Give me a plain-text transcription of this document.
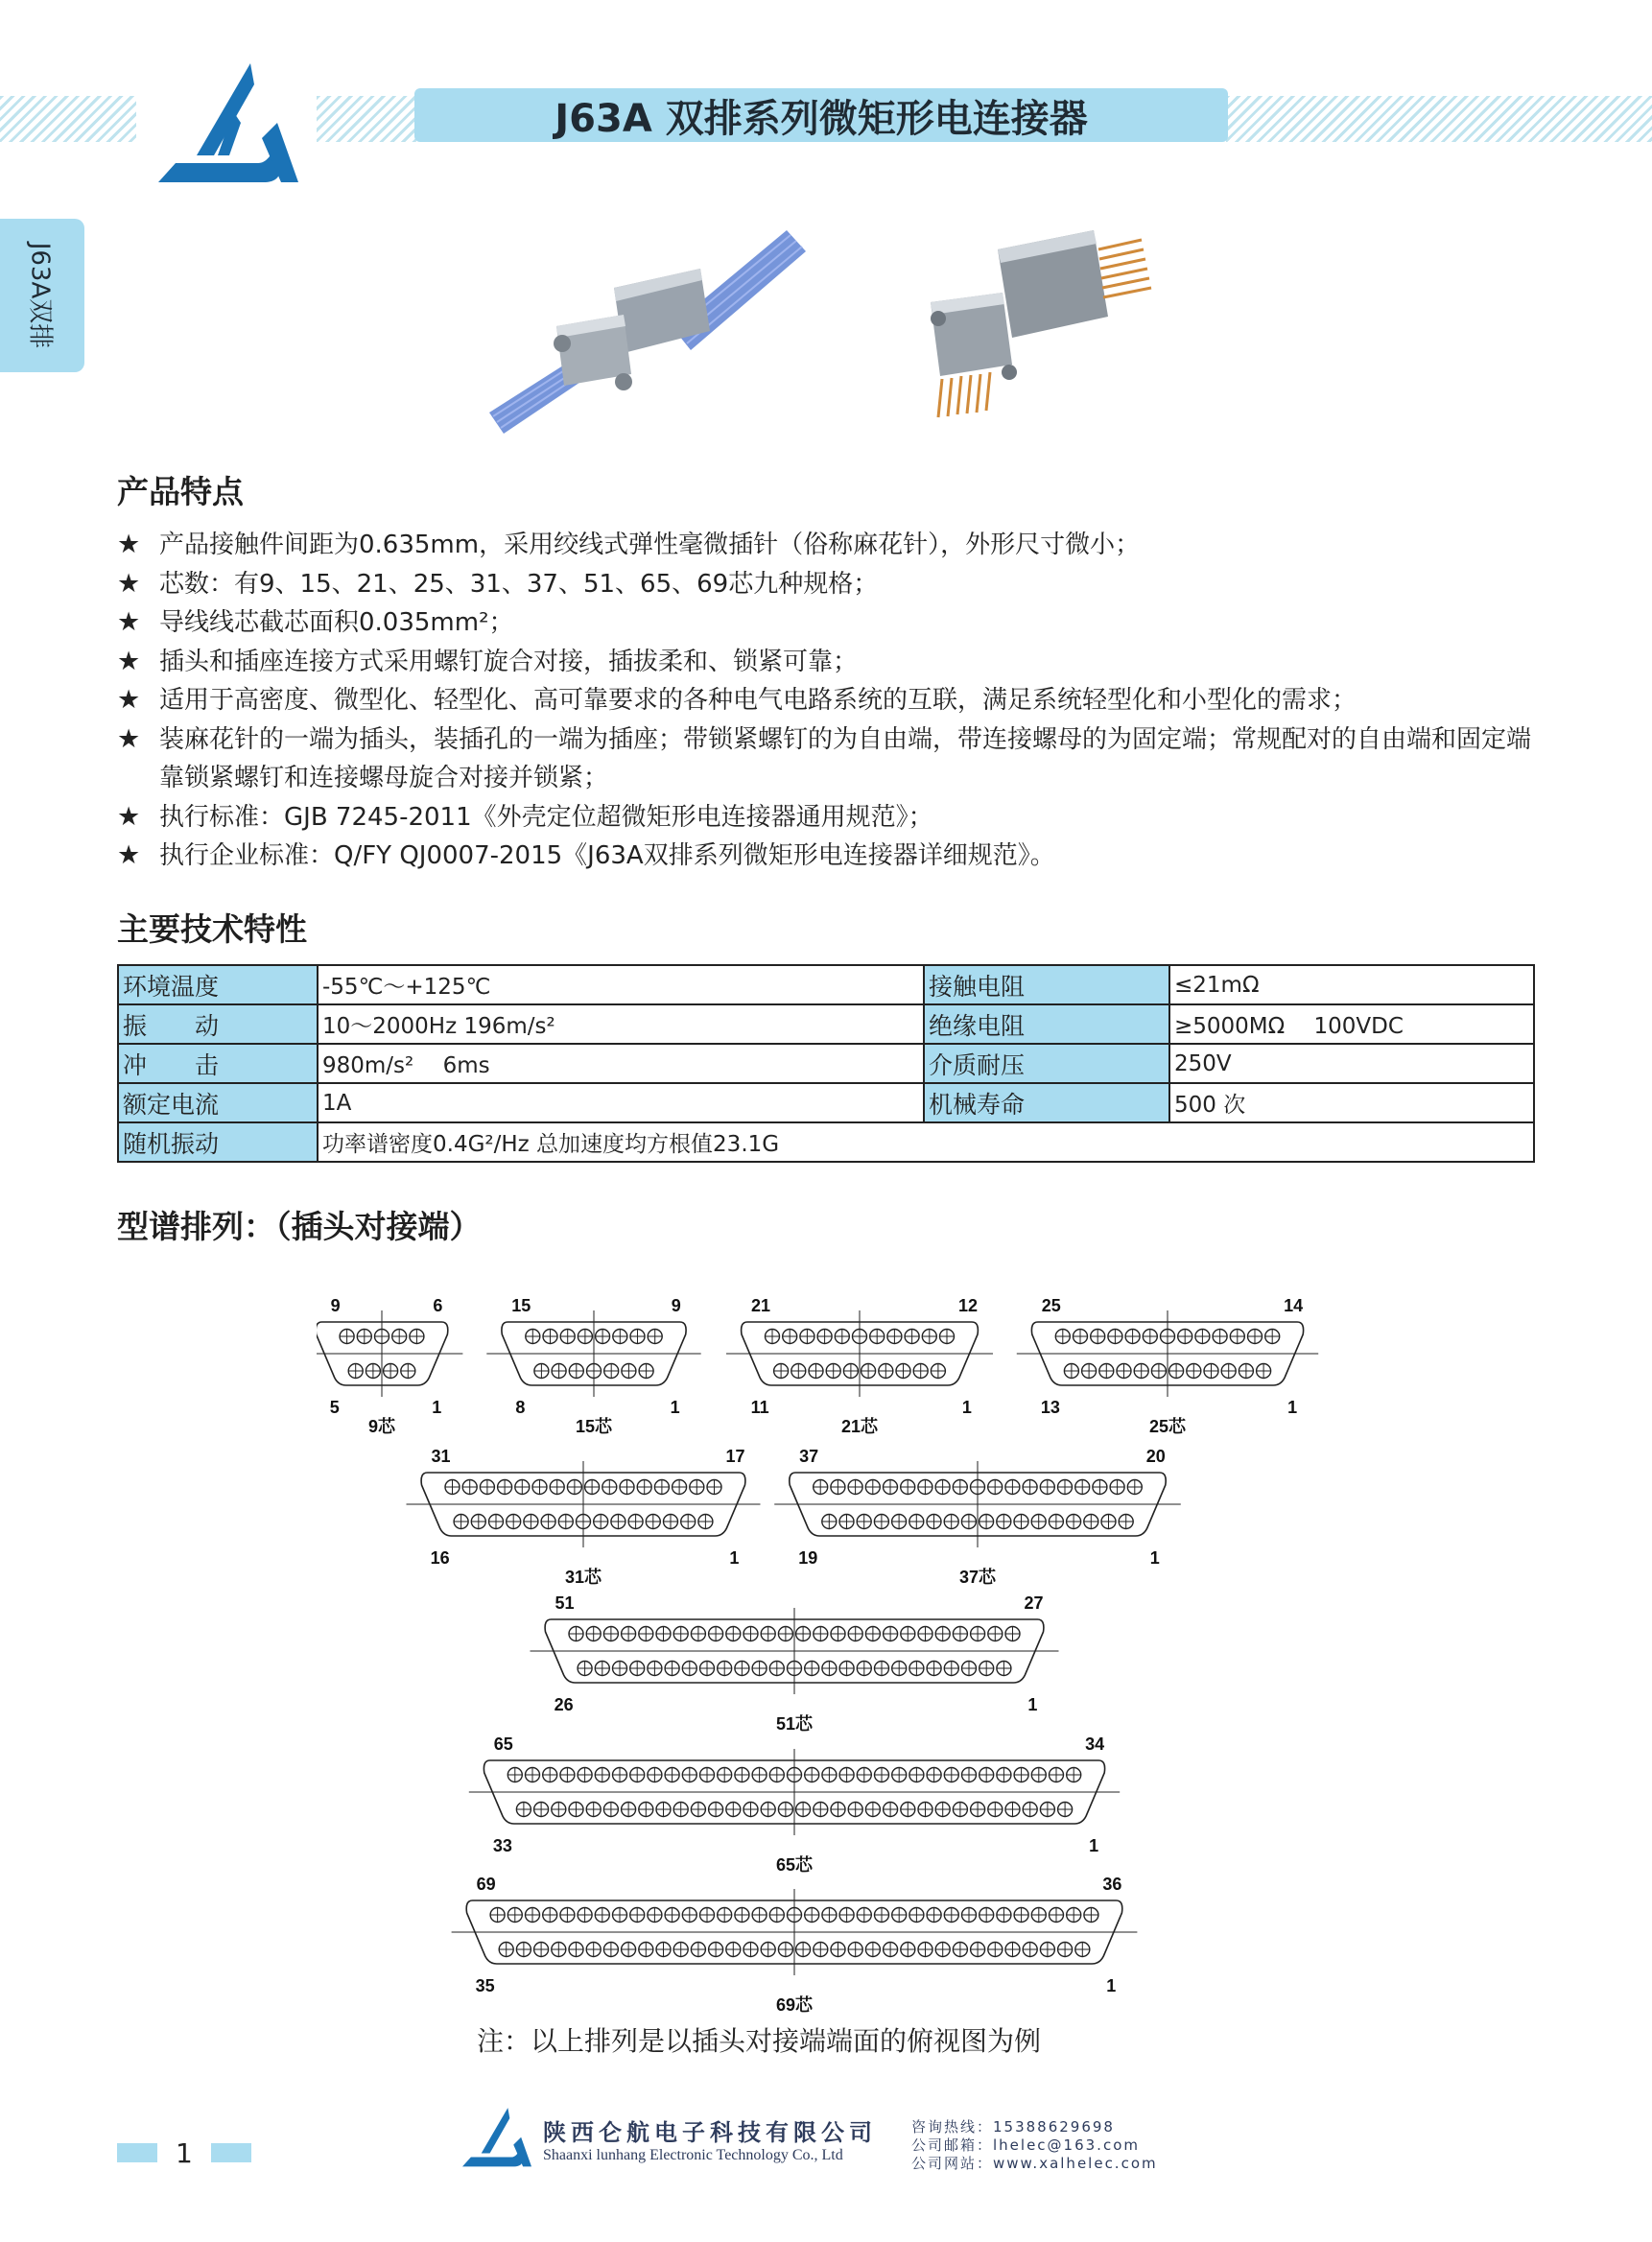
J63A 双排系列微矩形电连接器
J63A双排
产品特点
★ 产品接触件间距为0.635mm，采用绞线式弹性毫微插针（俗称麻花针），外形尺寸微小；
★ 芯数：有9、15、21、25、31、37、51、65、69芯九种规格；
★ 导线线芯截芯面积0.035mm²；
★ 插头和插座连接方式采用螺钉旋合对接，插拔柔和、锁紧可靠；
★ 适用于高密度、微型化、轻型化、高可靠要求的各种电气电路系统的互联，满足系统轻型化和小型化的需求；
★ 装麻花针的一端为插头，装插孔的一端为插座；带锁紧螺钉的为自由端，带连接螺母的为固定端；常规配对的自由端和固定端靠锁紧螺钉和连接螺母旋合对接并锁紧；
★ 执行标准：GJB 7245-2011《外壳定位超微矩形电连接器通用规范》；
★ 执行企业标准：Q/FY QJ0007-2015《J63A双排系列微矩形电连接器详细规范》。
主要技术特性
环境温度	-55℃～+125℃	接触电阻	≤21mΩ
振　　动	10～2000Hz 196m/s²	绝缘电阻	≥5000MΩ　 100VDC
冲　　击	980m/s²　 6ms	介质耐压	250V
额定电流	1A	机械寿命	500 次
随机振动	功率谱密度0.4G²/Hz 总加速度均方根值23.1G		
型谱排列：（插头对接端）
9	6
5	1
9芯
15	9
8	1
15芯
21	12
11	1
21芯
25	14
13	1
25芯
31	17
16	1
31芯
37	20
19	1
37芯
51	27
26	1
51芯
65	34
33	1
65芯
69	36
35	1
69芯
注：以上排列是以插头对接端端面的俯视图为例
1
陕西仑航电子科技有限公司
Shaanxi lunhang Electronic Technology Co., Ltd
咨询热线：15388629698
公司邮箱：lhelec@163.com
公司网站：www.xalhelec.com
